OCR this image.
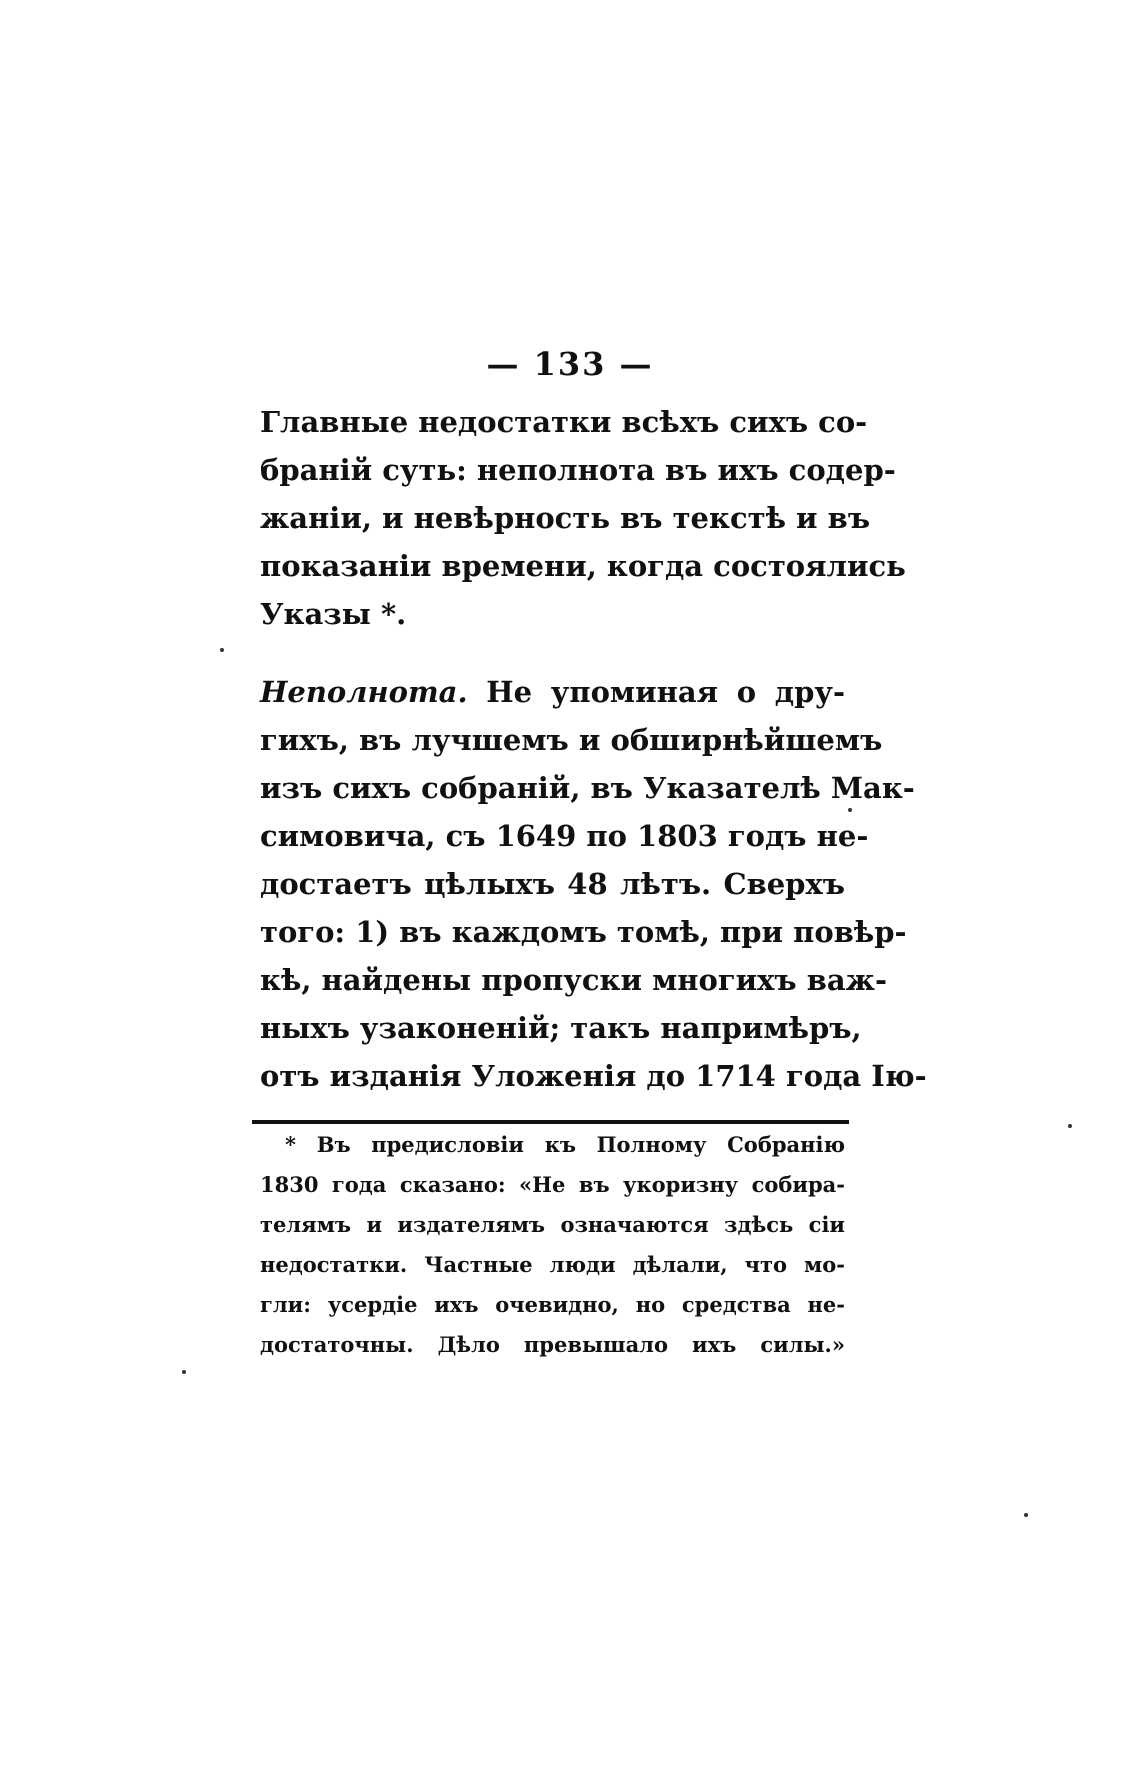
— 133 —
Главные недостатки всѣхъ сихъ со-
браній суть: неполнота въ ихъ содер-
жаніи, и невѣрность въ текстѣ и въ
показаніи времени, когда состоялись
Указы *.
Неполнота. Не упоминая о дру-
гихъ, въ лучшемъ и обширнѣйшемъ
изъ сихъ собраній, въ Указателѣ Мак-
симовича, съ 1649 по 1803 годъ не-
достаетъ цѣлыхъ 48 лѣтъ. Сверхъ
того: 1) въ каждомъ томѣ, при повѣр-
кѣ, найдены пропуски многихъ важ-
ныхъ узаконеній; такъ напримѣръ,
отъ изданія Уложенія до 1714 года Ію-
* Въ предисловіи къ Полному Собранію
1830 года сказано: «Не въ укоризну собира-
телямъ и издателямъ означаются здѣсь сіи
недостатки. Частные люди дѣлали, что мо-
гли: усердіе ихъ очевидно, но средства не-
достаточны. Дѣло превышало ихъ силы.»
